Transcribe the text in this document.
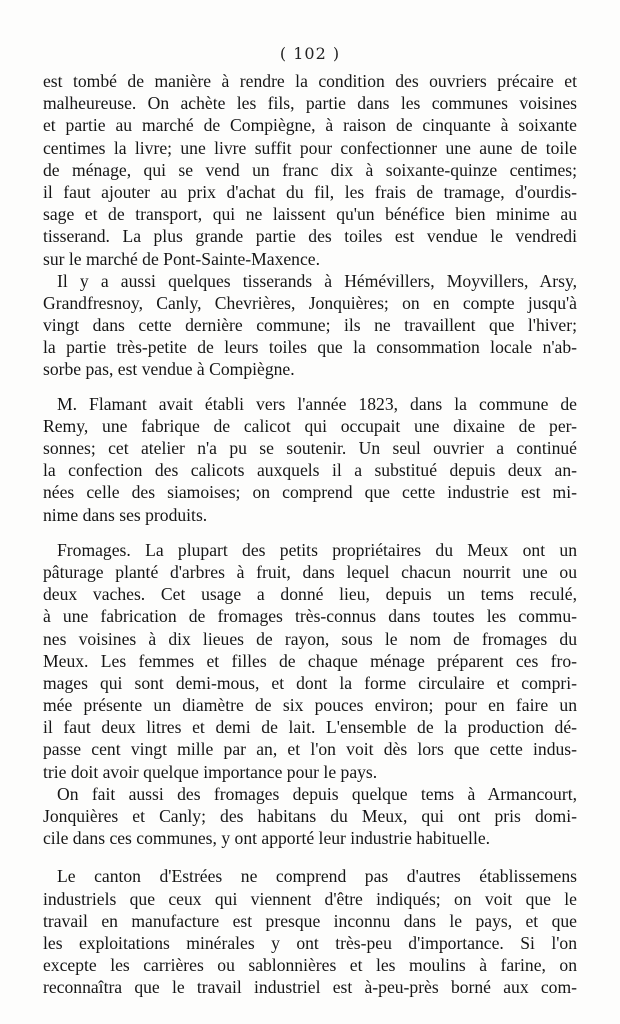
( 102 )
est tombé de manière à rendre la condition des ouvriers précaire et
malheureuse. On achète les fils, partie dans les communes voisines
et partie au marché de Compiègne, à raison de cinquante à soixante
centimes la livre; une livre suffit pour confectionner une aune de toile
de ménage, qui se vend un franc dix à soixante-quinze centimes;
il faut ajouter au prix d'achat du fil, les frais de tramage, d'ourdis-
sage et de transport, qui ne laissent qu'un bénéfice bien minime au
tisserand. La plus grande partie des toiles est vendue le vendredi
sur le marché de Pont-Sainte-Maxence.
Il y a aussi quelques tisserands à Hémévillers, Moyvillers, Arsy,
Grandfresnoy, Canly, Chevrières, Jonquières; on en compte jusqu'à
vingt dans cette dernière commune; ils ne travaillent que l'hiver;
la partie très-petite de leurs toiles que la consommation locale n'ab-
sorbe pas, est vendue à Compiègne.
M. Flamant avait établi vers l'année 1823, dans la commune de
Remy, une fabrique de calicot qui occupait une dixaine de per-
sonnes; cet atelier n'a pu se soutenir. Un seul ouvrier a continué
la confection des calicots auxquels il a substitué depuis deux an-
nées celle des siamoises; on comprend que cette industrie est mi-
nime dans ses produits.
Fromages. La plupart des petits propriétaires du Meux ont un
pâturage planté d'arbres à fruit, dans lequel chacun nourrit une ou
deux vaches. Cet usage a donné lieu, depuis un tems reculé,
à une fabrication de fromages très-connus dans toutes les commu-
nes voisines à dix lieues de rayon, sous le nom de fromages du
Meux. Les femmes et filles de chaque ménage préparent ces fro-
mages qui sont demi-mous, et dont la forme circulaire et compri-
mée présente un diamètre de six pouces environ; pour en faire un
il faut deux litres et demi de lait. L'ensemble de la production dé-
passe cent vingt mille par an, et l'on voit dès lors que cette indus-
trie doit avoir quelque importance pour le pays.
On fait aussi des fromages depuis quelque tems à Armancourt,
Jonquières et Canly; des habitans du Meux, qui ont pris domi-
cile dans ces communes, y ont apporté leur industrie habituelle.
Le canton d'Estrées ne comprend pas d'autres établissemens
industriels que ceux qui viennent d'être indiqués; on voit que le
travail en manufacture est presque inconnu dans le pays, et que
les exploitations minérales y ont très-peu d'importance. Si l'on
excepte les carrières ou sablonnières et les moulins à farine, on
reconnaîtra que le travail industriel est à-peu-près borné aux com-
